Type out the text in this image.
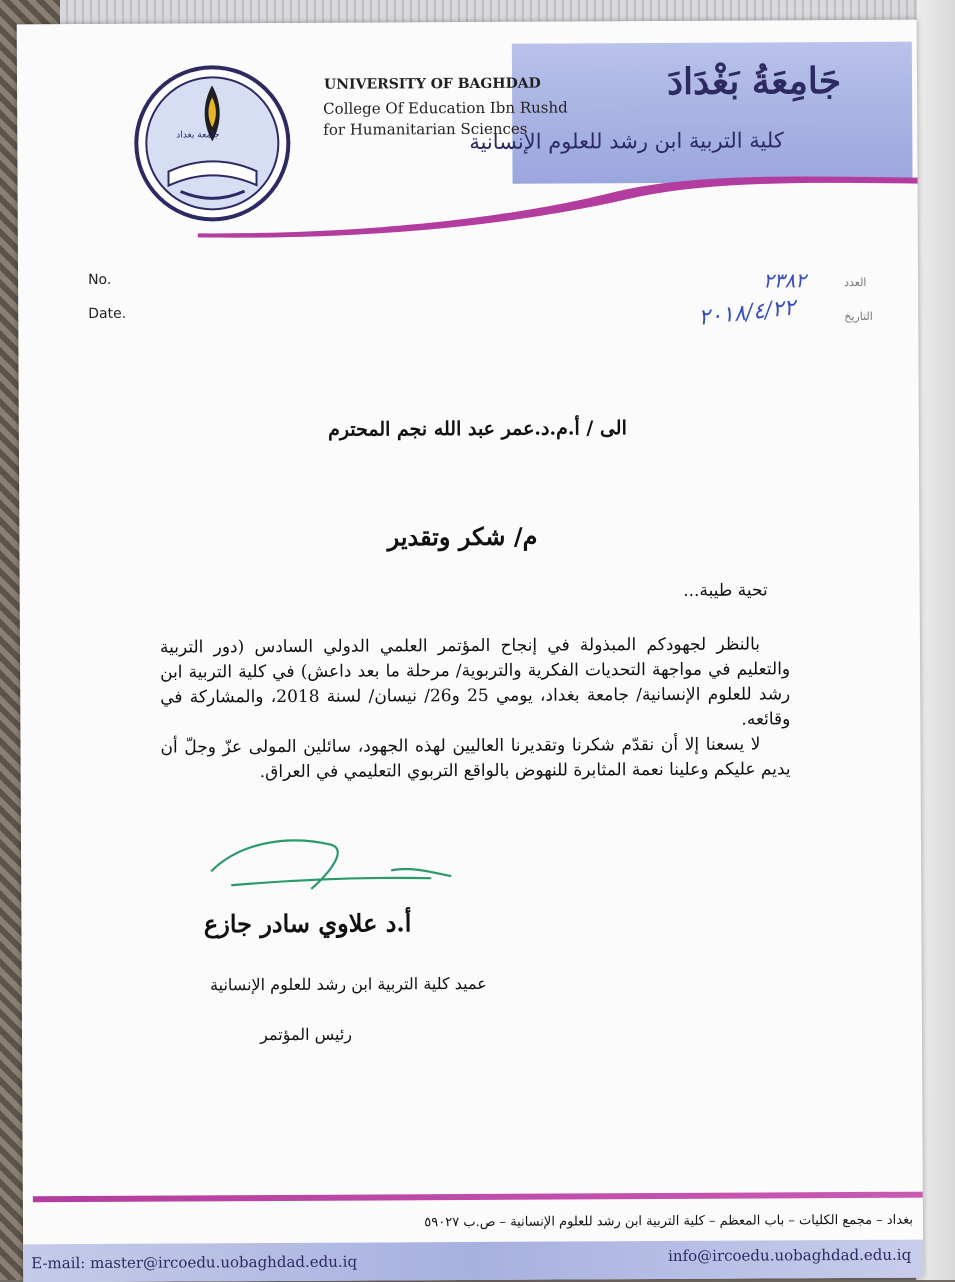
جامعة بغداد

UNIVERSITY OF BAGHDAD

College Of Education Ibn Rushd
for Humanitarian Sciences

جَامِعَةُ بَغْدَادَ

كلية التربية ابن رشد للعلوم الإنسانية

No.
Date.
العدد
التاريخ
٢٣٨٢
٢٠١٨/٤/٢٢

الى / أ.م.د.عمر عبد الله نجم المحترم

م/ شكر وتقدير

تحية طيبة...

بالنظر لجهودكم المبذولة في إنجاح المؤتمر العلمي الدولي السادس (دور التربية والتعليم في مواجهة التحديات الفكرية والتربوية/ مرحلة ما بعد داعش) في كلية التربية ابن رشد للعلوم الإنسانية/ جامعة بغداد، يومي 25 و26/ نيسان/ لسنة 2018، والمشاركة في وقائعه.

لا يسعنا إلا أن نقدّم شكرنا وتقديرنا العاليين لهذه الجهود، سائلين المولى عزّ وجلّ أن يديم عليكم وعلينا نعمة المثابرة للنهوض بالواقع التربوي التعليمي في العراق.

أ.د علاوي سادر جازع

عميد كلية التربية ابن رشد للعلوم الإنسانية

رئيس المؤتمر

بغداد – مجمع الكليات – باب المعظم – كلية التربية ابن رشد للعلوم الإنسانية – ص.ب ٥٩٠٢٧

E-mail: master@ircoedu.uobaghdad.edu.iq	info@ircoedu.uobaghdad.edu.iq
